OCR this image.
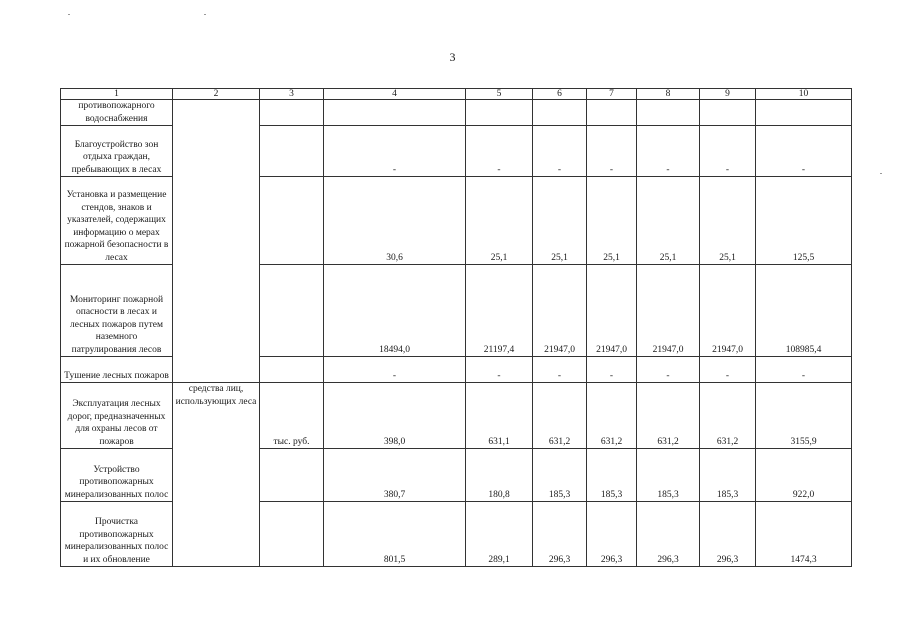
3
1	2	3	4	5	6	7	8	9	10
противопожарного водоснабжения									
Благоустройство зон отдыха граждан, пребывающих в лесах			-	-	-	-	-	-	-
Установка и размещение стендов, знаков и указателей, содержащих информацию о мерах пожарной безопасности в лесах			30,6	25,1	25,1	25,1	25,1	25,1	125,5
Мониторинг пожарной опасности в лесах и лесных пожаров путем наземного патрулирования лесов			18494,0	21197,4	21947,0	21947,0	21947,0	21947,0	108985,4
Тушение лесных пожаров			-	-	-	-	-	-	-
Эксплуатация лесных дорог, предназначенных для охраны лесов от пожаров	средства лиц, использующих леса	тыс. руб.	398,0	631,1	631,2	631,2	631,2	631,2	3155,9
Устройство противопожарных минерализованных полос			380,7	180,8	185,3	185,3	185,3	185,3	922,0
Прочистка противопожарных минерализованных полос и их обновление			801,5	289,1	296,3	296,3	296,3	296,3	1474,3
